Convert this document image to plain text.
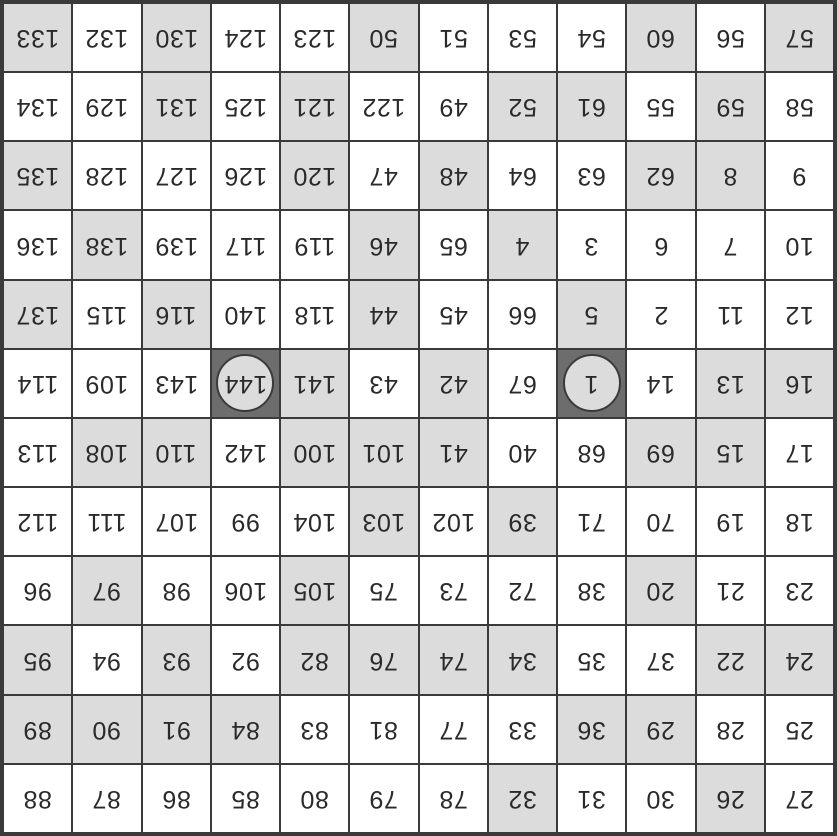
133 132 130 124 123 50 51 53 54 60 56 57
134 129 131 125 121 122 49 52 61 55 59 58
135 128 127 126 120 47 48 64 63 62 8 9
136 138 139 117 119 46 65 4 3 6 7 10
137 115 116 140 118 44 45 66 5 2 11 12
114 109 143 144 141 43 42 67 1 14 13 16
113 108 110 142 100 101 41 40 68 69 15 17
112 111 107 99 104 103 102 39 71 70 19 18
96 97 98 106 105 75 73 72 38 20 21 23
95 94 93 92 82 76 74 34 35 37 22 24
89 90 91 84 83 81 77 33 36 29 28 25
88 87 86 85 80 79 78 32 31 30 26 27
